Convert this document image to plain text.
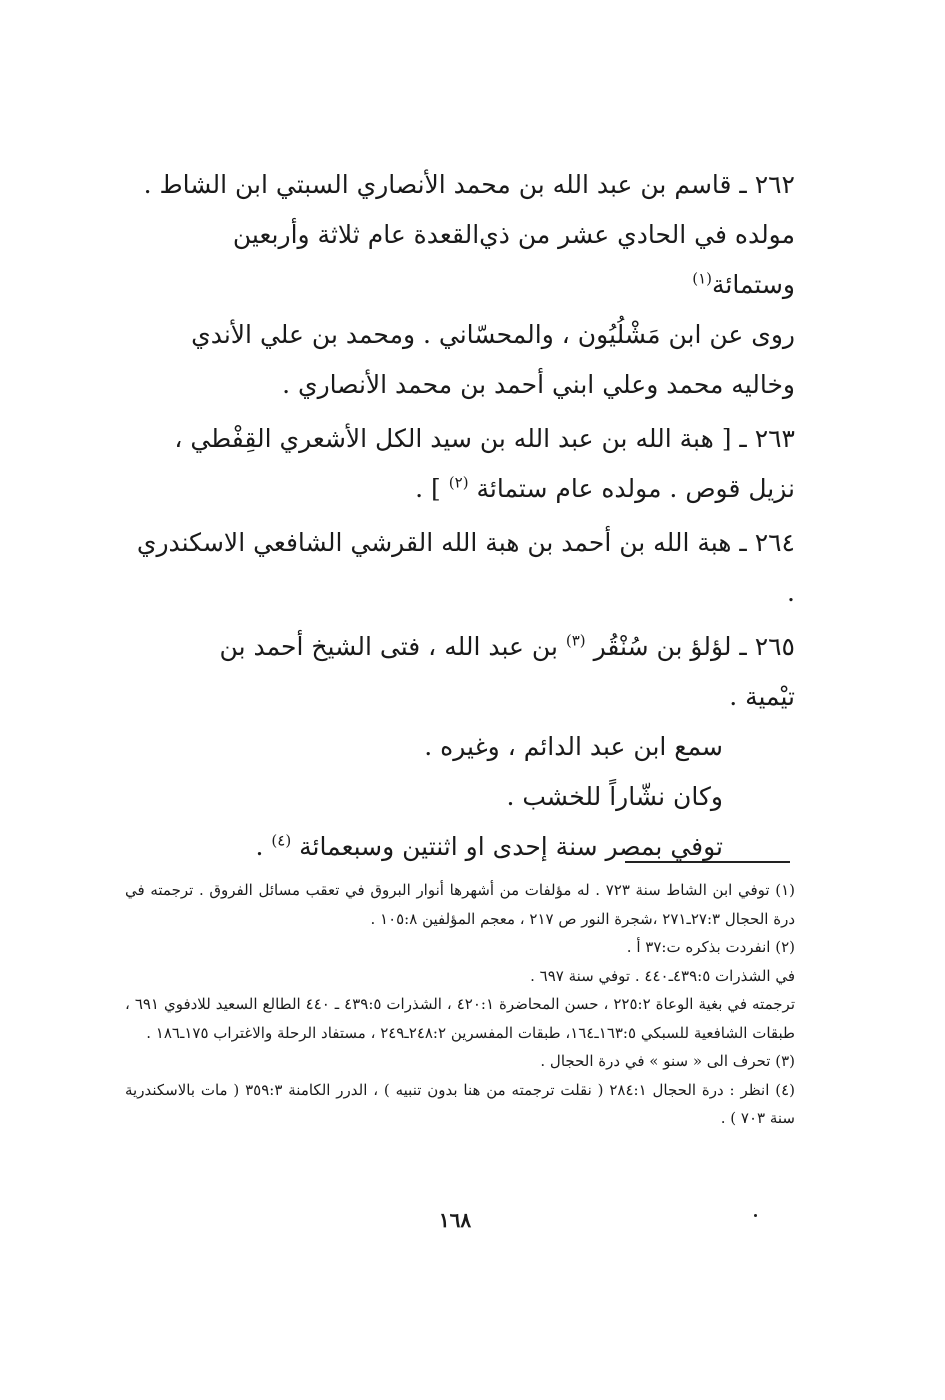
٢٦٢ ـ قاسم بن عبد الله بن محمد الأنصاري السبتي ابن الشاط .

مولده في الحادي عشر من ذي‌القعدة عام ثلاثة وأربعين وستمائة$^{(١)}$

روى عن ابن مَشْلُيُون ، والمحسّاني . ومحمد بن علي الأندي

وخاليه محمد وعلي ابني أحمد بن محمد الأنصاري .

٢٦٣ ـ [ هبة الله بن عبد الله بن سيد الكل الأشعري القِفْطي ،

نزيل قوص . مولده عام ستمائة $^{(٢)}$ ] .

٢٦٤ ـ هبة الله بن أحمد بن هبة الله القرشي الشافعي الاسكندري .

٢٦٥ ـ لؤلؤ بن سُنْقُر $^{(٣)}$ بن عبد الله ، فتى الشيخ أحمد بن

تيْمية .

سمع ابن عبد الدائم ، وغيره .

وكان نشّاراً للخشب .

توفي بمصر سنة إحدى او اثنتين وسبعمائة $^{(٤)}$ .

(١) توفي ابن الشاط سنة ٧٢٣ . له مؤلفات من أشهرها أنوار البروق في تعقب مسائل الفروق . ترجمته في درة الحجال ٢٧:٣ـ٢٧١ ،شجرة النور ص ٢١٧ ، معجم المؤلفين ١٠٥:٨ .

(٢) انفردت بذكره ت:٣٧ أ .

في الشذرات ٤٣٩:٥ـ٤٤٠ . توفي سنة ٦٩٧ .

ترجمته في بغية الوعاة ٢٢٥:٢ ، حسن المحاضرة ٤٢٠:١ ، الشذرات ٤٣٩:٥ ـ ٤٤٠ الطالع السعيد للادفوي ٦٩١ ، طبقات الشافعية للسبكي ١٦٣:٥ـ١٦٤، طبقات المفسرين ٢٤٨:٢ـ٢٤٩ ، مستفاد الرحلة والاغتراب ١٧٥ـ١٨٦ .

(٣) تحرف الى « سنو » في درة الحجال .

(٤) انظر : درة الحجال ٢٨٤:١ ( نقلت ترجمته من هنا بدون تنبيه ) ، الدرر الكامنة ٣٥٩:٣ ( مات بالاسكندرية سنة ٧٠٣ ) .

١٦٨
